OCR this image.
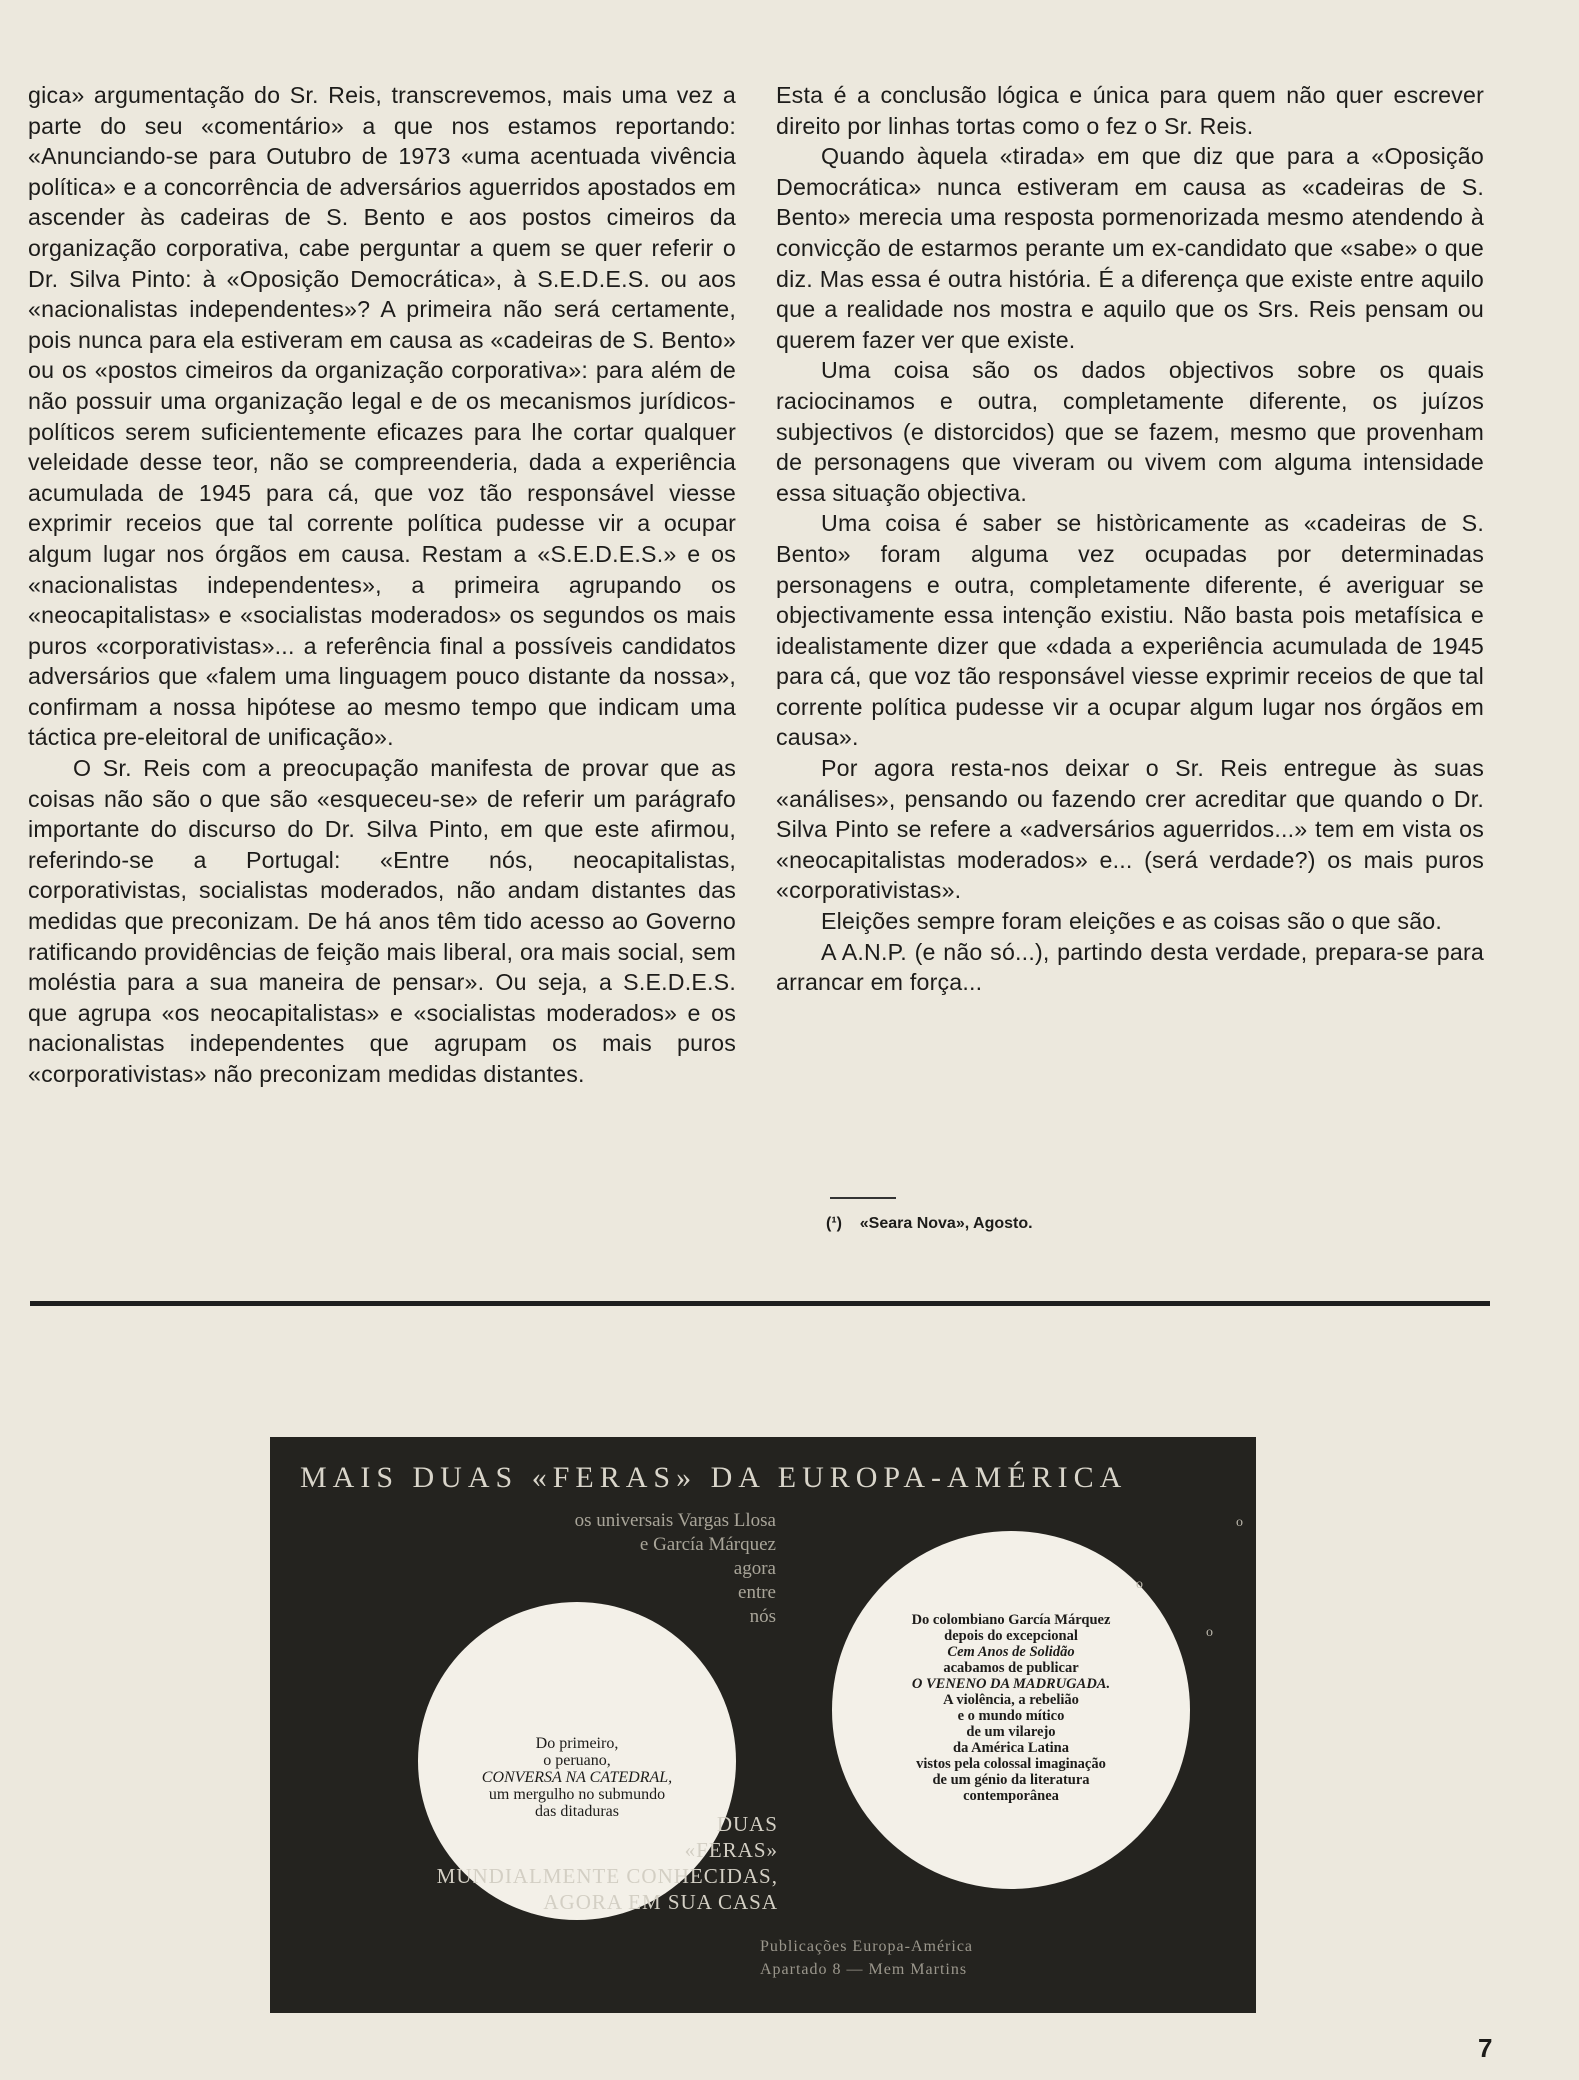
gica» argumentação do Sr. Reis, transcrevemos, mais uma vez a parte do seu «comentário» a que nos estamos reportando: «Anunciando-se para Outubro de 1973 «uma acentuada vivência política» e a concorrência de adversários aguerridos apostados em ascender às cadeiras de S. Bento e aos postos cimeiros da organização corporativa, cabe perguntar a quem se quer referir o Dr. Silva Pinto: à «Oposição Democrática», à S.E.D.E.S. ou aos «nacionalistas independentes»? A primeira não será certamente, pois nunca para ela estiveram em causa as «cadeiras de S. Bento» ou os «postos cimeiros da organização corporativa»: para além de não possuir uma organização legal e de os mecanismos jurídicos-políticos serem suficientemente eficazes para lhe cortar qualquer veleidade desse teor, não se compreenderia, dada a experiência acumulada de 1945 para cá, que voz tão responsável viesse exprimir receios que tal corrente política pudesse vir a ocupar algum lugar nos órgãos em causa. Restam a «S.E.D.E.S.» e os «nacionalistas independentes», a primeira agrupando os «neocapitalistas» e «socialistas moderados» os segundos os mais puros «corporativistas»... a referência final a possíveis candidatos adversários que «falem uma linguagem pouco distante da nossa», confirmam a nossa hipótese ao mesmo tempo que indicam uma táctica pre-eleitoral de unificação».

O Sr. Reis com a preocupação manifesta de provar que as coisas não são o que são «esqueceu-se» de referir um parágrafo importante do discurso do Dr. Silva Pinto, em que este afirmou, referindo-se a Portugal: «Entre nós, neocapitalistas, corporativistas, socialistas moderados, não andam distantes das medidas que preconizam. De há anos têm tido acesso ao Governo ratificando providências de feição mais liberal, ora mais social, sem moléstia para a sua maneira de pensar». Ou seja, a S.E.D.E.S. que agrupa «os neocapitalistas» e «socialistas moderados» e os nacionalistas independentes que agrupam os mais puros «corporativistas» não preconizam medidas distantes.

Esta é a conclusão lógica e única para quem não quer escrever direito por linhas tortas como o fez o Sr. Reis.

Quando àquela «tirada» em que diz que para a «Oposição Democrática» nunca estiveram em causa as «cadeiras de S. Bento» merecia uma resposta pormenorizada mesmo atendendo à convicção de estarmos perante um ex-candidato que «sabe» o que diz. Mas essa é outra história. É a diferença que existe entre aquilo que a realidade nos mostra e aquilo que os Srs. Reis pensam ou querem fazer ver que existe.

Uma coisa são os dados objectivos sobre os quais raciocinamos e outra, completamente diferente, os juízos subjectivos (e distorcidos) que se fazem, mesmo que provenham de personagens que viveram ou vivem com alguma intensidade essa situação objectiva.

Uma coisa é saber se històricamente as «cadeiras de S. Bento» foram alguma vez ocupadas por determinadas personagens e outra, completamente diferente, é averiguar se objectivamente essa intenção existiu. Não basta pois metafísica e idealistamente dizer que «dada a experiência acumulada de 1945 para cá, que voz tão responsável viesse exprimir receios de que tal corrente política pudesse vir a ocupar algum lugar nos órgãos em causa».

Por agora resta-nos deixar o Sr. Reis entregue às suas «análises», pensando ou fazendo crer acreditar que quando o Dr. Silva Pinto se refere a «adversários aguerridos...» tem em vista os «neocapitalistas moderados» e... (será verdade?) os mais puros «corporativistas».

Eleições sempre foram eleições e as coisas são o que são.

A A.N.P. (e não só...), partindo desta verdade, prepara-se para arrancar em força...

(¹) «Seara Nova», Agosto.
MAIS DUAS «FERAS» DA EUROPA-AMÉRICA
os universais Vargas Llosa
e García Márquez
agora
entre
nós
Do primeiro,
o peruano,
CONVERSA NA CATEDRAL,
um mergulho no submundo
das ditaduras
Do colombiano García Márquez
depois do excepcional
Cem Anos de Solidão
acabamos de publicar
O VENENO DA MADRUGADA.
A violência, a rebelião
e o mundo mítico
de um vilarejo
da América Latina
vistos pela colossal imaginação
de um génio da literatura
contemporânea
o
o
o
DUAS
«FERAS»
MUNDIALMENTE CONHECIDAS,
AGORA EM SUA CASA
Publicações Europa-América
Apartado 8 — Mem Martins
7
